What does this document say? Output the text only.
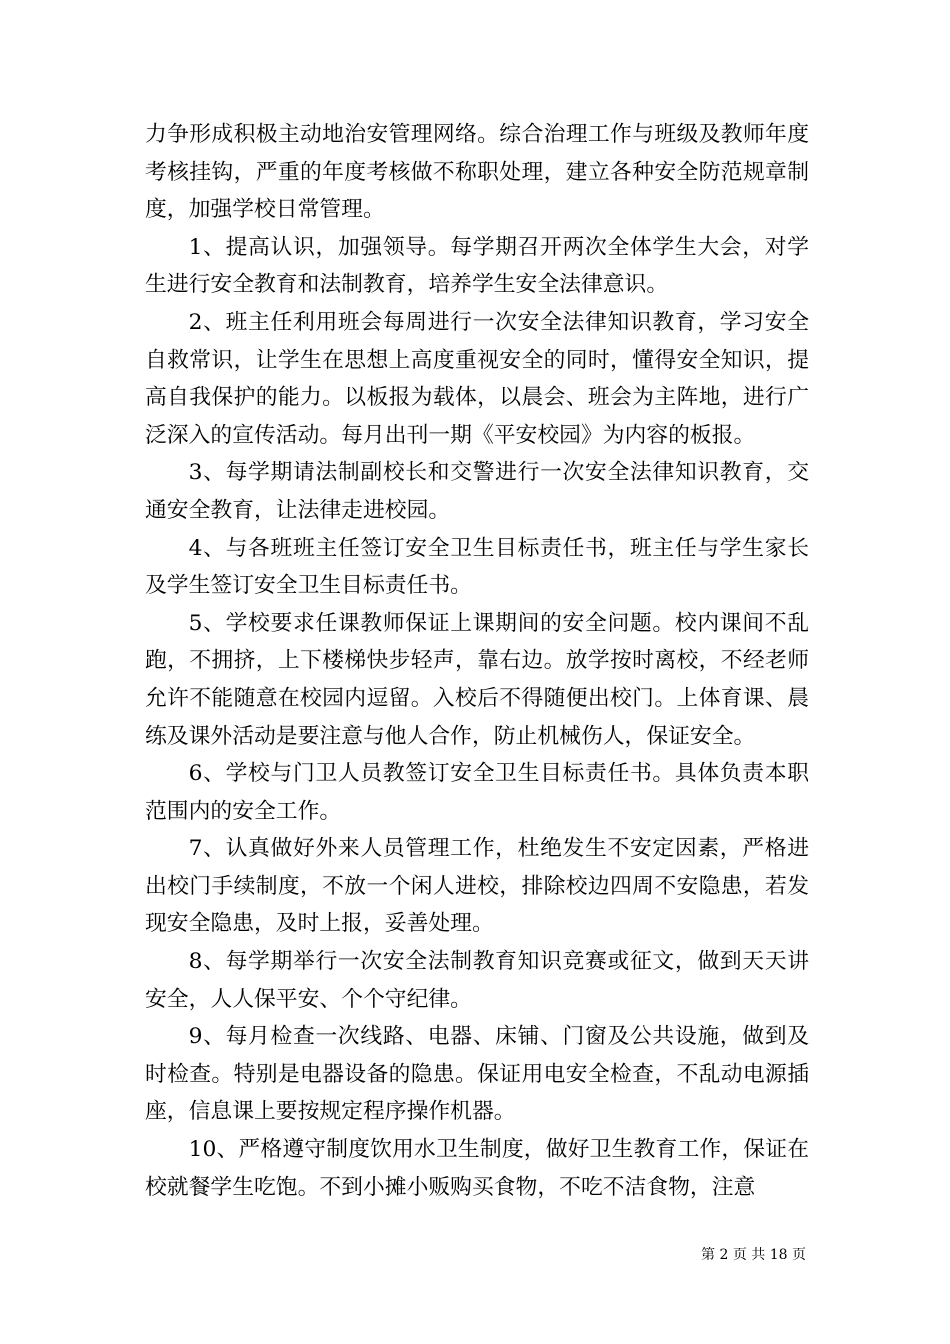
力争形成积极主动地治安管理网络。综合治理工作与班级及教师年度考核挂钩，严重的年度考核做不称职处理，建立各种安全防范规章制度，加强学校日常管理。

1、提高认识，加强领导。每学期召开两次全体学生大会，对学生进行安全教育和法制教育，培养学生安全法律意识。

2、班主任利用班会每周进行一次安全法律知识教育，学习安全自救常识，让学生在思想上高度重视安全的同时，懂得安全知识，提高自我保护的能力。以板报为载体，以晨会、班会为主阵地，进行广泛深入的宣传活动。每月出刊一期《平安校园》为内容的板报。

3、每学期请法制副校长和交警进行一次安全法律知识教育，交通安全教育，让法律走进校园。

4、与各班班主任签订安全卫生目标责任书，班主任与学生家长及学生签订安全卫生目标责任书。

5、学校要求任课教师保证上课期间的安全问题。校内课间不乱跑，不拥挤，上下楼梯快步轻声，靠右边。放学按时离校，不经老师允许不能随意在校园内逗留。入校后不得随便出校门。上体育课、晨练及课外活动是要注意与他人合作，防止机械伤人，保证安全。

6、学校与门卫人员教签订安全卫生目标责任书。具体负责本职范围内的安全工作。

7、认真做好外来人员管理工作，杜绝发生不安定因素，严格进出校门手续制度，不放一个闲人进校，排除校边四周不安隐患，若发现安全隐患，及时上报，妥善处理。

8、每学期举行一次安全法制教育知识竞赛或征文，做到天天讲安全，人人保平安、个个守纪律。

9、每月检查一次线路、电器、床铺、门窗及公共设施，做到及时检查。特别是电器设备的隐患。保证用电安全检查，不乱动电源插座，信息课上要按规定程序操作机器。

10、严格遵守制度饮用水卫生制度，做好卫生教育工作，保证在校就餐学生吃饱。不到小摊小贩购买食物，不吃不洁食物，注意

第 2 页 共 18 页
